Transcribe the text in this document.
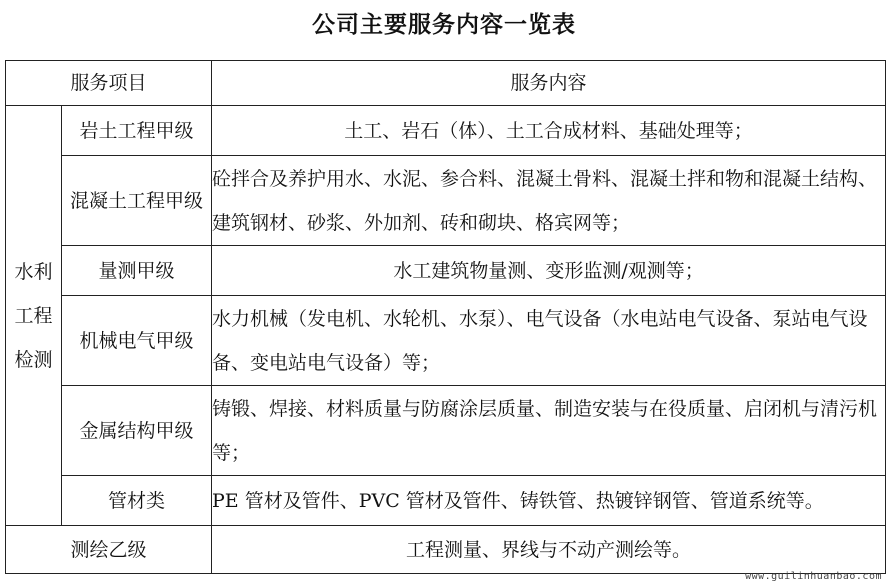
公司主要服务内容一览表
服务项目		服务内容
水利工程检测	岩土工程甲级	土工、岩石（体）、土工合成材料、基础处理等；
	混凝土工程甲级	砼拌合及养护用水、水泥、参合料、混凝土骨料、混凝土拌和物和混凝土结构、建筑钢材、砂浆、外加剂、砖和砌块、格宾网等；
	量测甲级	水工建筑物量测、变形监测/观测等；
	机械电气甲级	水力机械（发电机、水轮机、水泵）、电气设备（水电站电气设备、泵站电气设备、变电站电气设备）等；
	金属结构甲级	铸锻、焊接、材料质量与防腐涂层质量、制造安装与在役质量、启闭机与清污机等；
	管材类	PE 管材及管件、PVC 管材及管件、铸铁管、热镀锌钢管、管道系统等。
测绘乙级		工程测量、界线与不动产测绘等。
www.guilinhuanbao.com
